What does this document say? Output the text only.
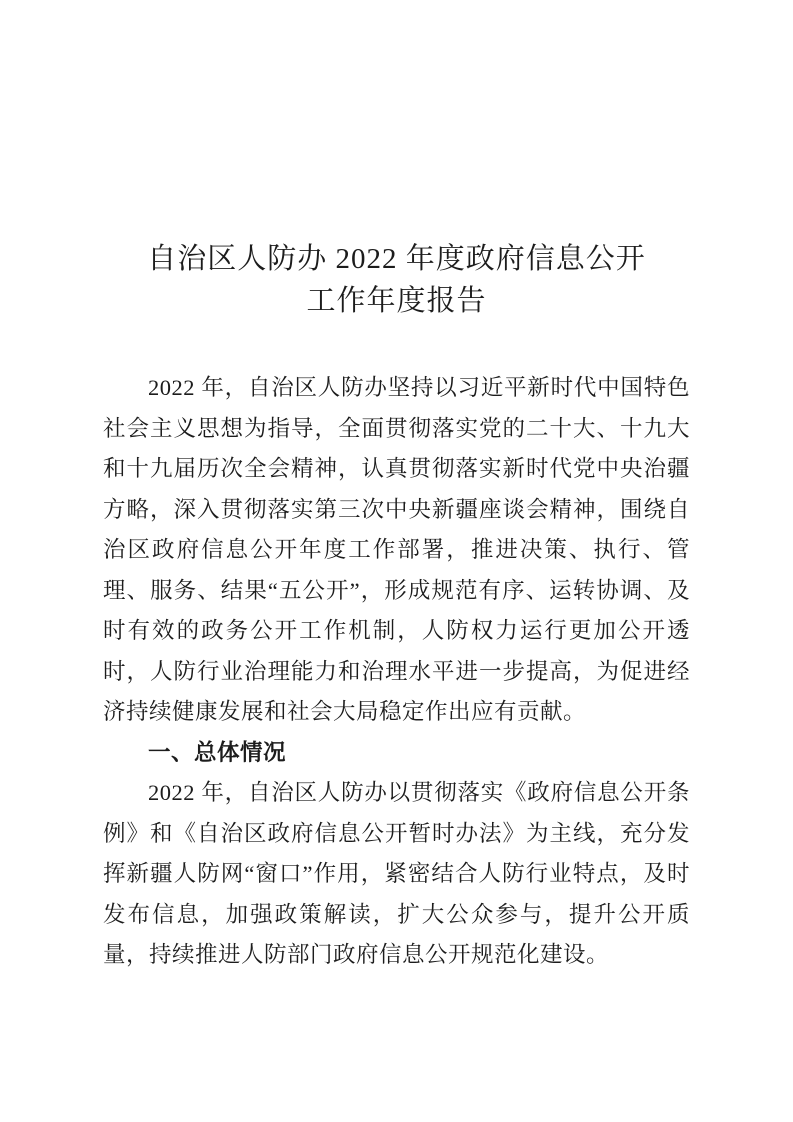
自治区人防办 2022 年度政府信息公开
工作年度报告

2022 年，自治区人防办坚持以习近平新时代中国特色社会主义思想为指导，全面贯彻落实党的二十大、十九大和十九届历次全会精神，认真贯彻落实新时代党中央治疆方略，深入贯彻落实第三次中央新疆座谈会精神，围绕自治区政府信息公开年度工作部署，推进决策、执行、管理、服务、结果“五公开”，形成规范有序、运转协调、及时有效的政务公开工作机制，人防权力运行更加公开透时，人防行业治理能力和治理水平进一步提高，为促进经济持续健康发展和社会大局稳定作出应有贡献。

一、总体情况

2022 年，自治区人防办以贯彻落实《政府信息公开条例》和《自治区政府信息公开暂时办法》为主线，充分发挥新疆人防网“窗口”作用，紧密结合人防行业特点，及时发布信息，加强政策解读，扩大公众参与，提升公开质量，持续推进人防部门政府信息公开规范化建设。
